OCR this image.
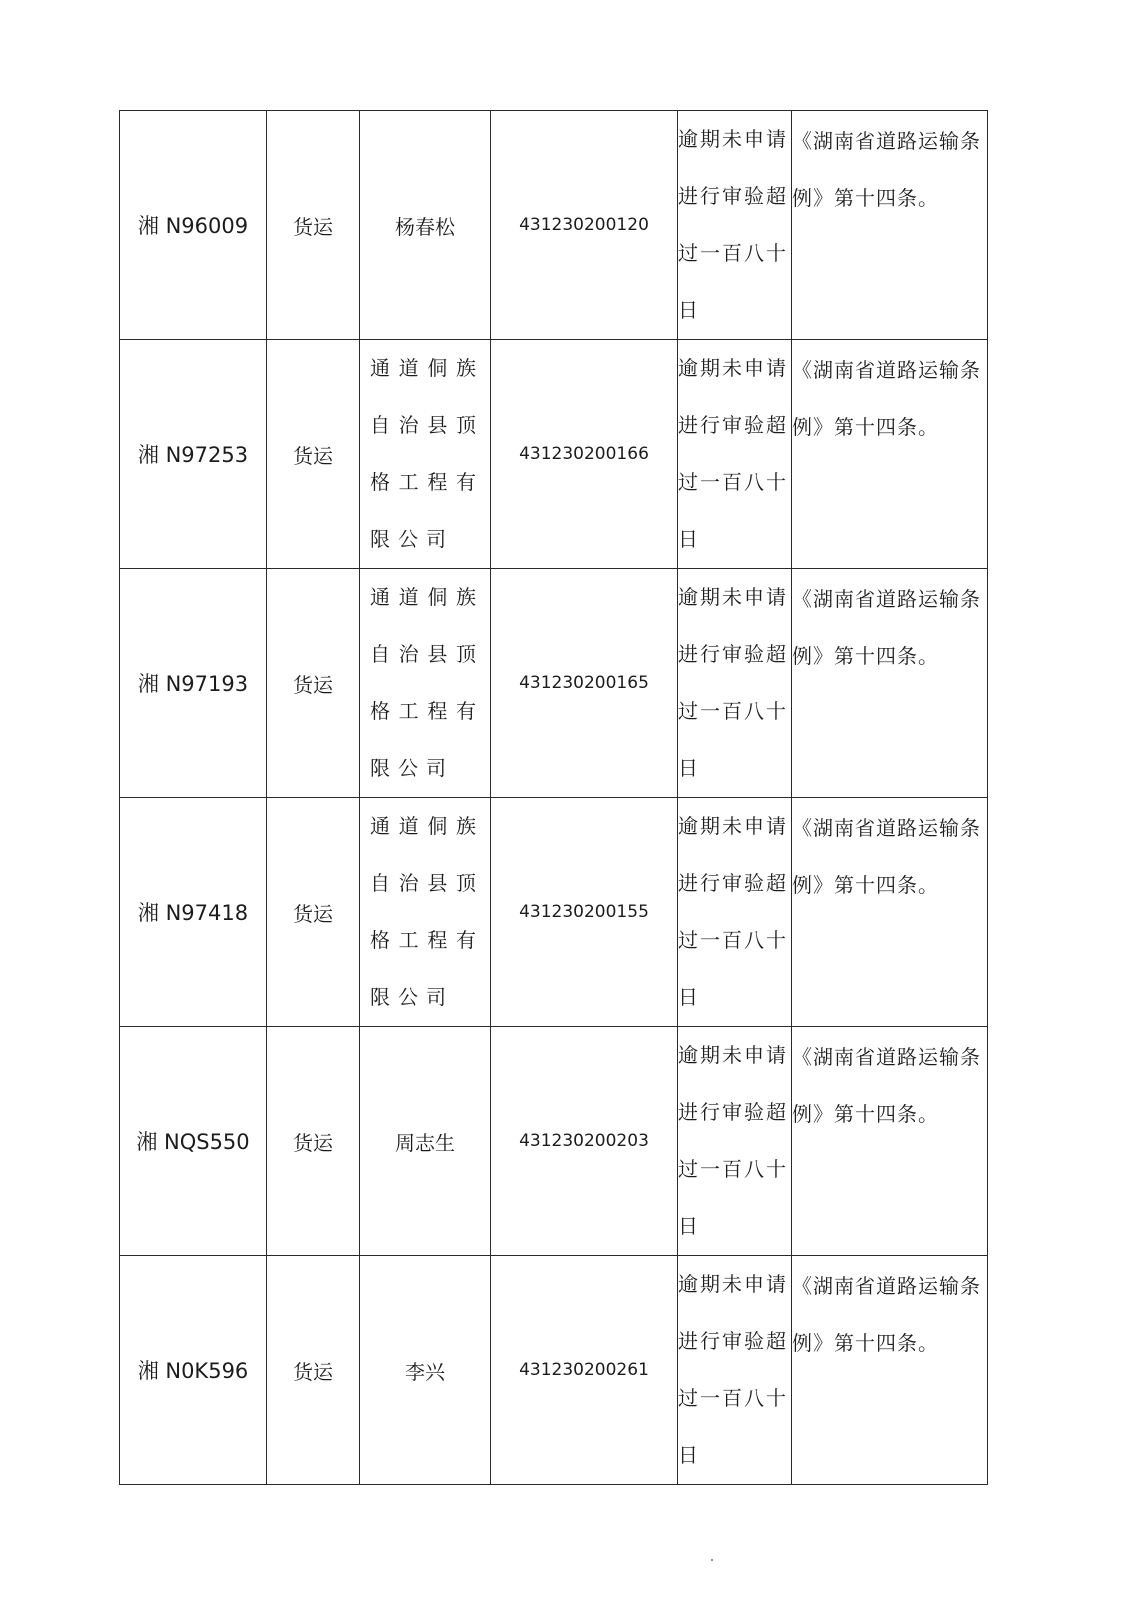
湘 N96009	货运	杨春松	431230200120	逾期未申请进行审验超过一百八十日	《湖南省道路运输条例》第十四条。
湘 N97253	货运	通道侗族自治县顶格工程有限公司	431230200166	逾期未申请进行审验超过一百八十日	《湖南省道路运输条例》第十四条。
湘 N97193	货运	通道侗族自治县顶格工程有限公司	431230200165	逾期未申请进行审验超过一百八十日	《湖南省道路运输条例》第十四条。
湘 N97418	货运	通道侗族自治县顶格工程有限公司	431230200155	逾期未申请进行审验超过一百八十日	《湖南省道路运输条例》第十四条。
湘 NQS550	货运	周志生	431230200203	逾期未申请进行审验超过一百八十日	《湖南省道路运输条例》第十四条。
湘 N0K596	货运	李兴	431230200261	逾期未申请进行审验超过一百八十日	《湖南省道路运输条例》第十四条。
